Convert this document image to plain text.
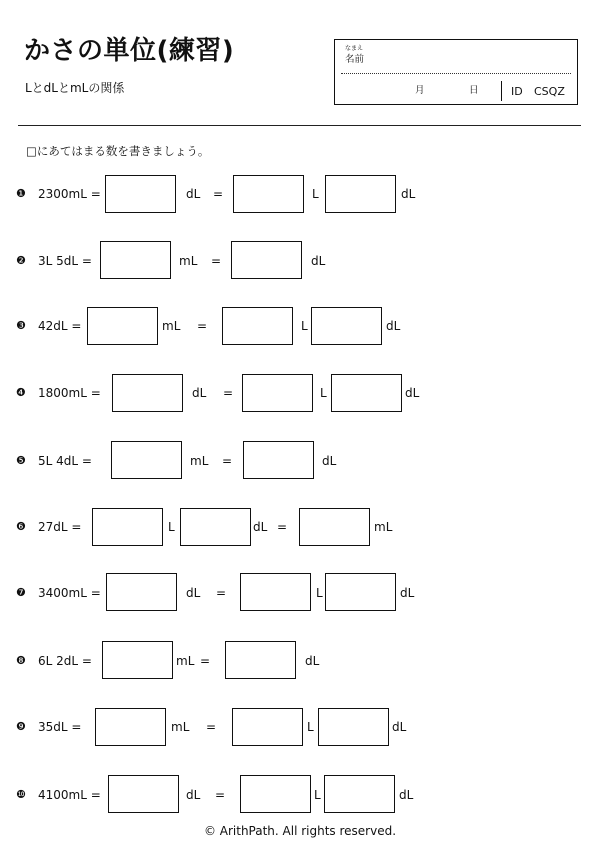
かさの単位(練習)
LとdLとmLの関係
なまえ
名前
月	日	ID CSQZ
□にあてはまる数を書きましょう。
❶ 2300mL =	dL =	L	dL
❷ 3L 5dL =	mL =	dL
❸ 42dL =	mL =	L	dL
❹ 1800mL =	dL =	L	dL
❺ 5L 4dL =	mL =	dL
❻ 27dL =	L	dL =	mL
❼ 3400mL =	dL =	L	dL
❽ 6L 2dL =	mL =	dL
❾ 35dL =	mL =	L	dL
❿ 4100mL =	dL =	L	dL
© ArithPath. All rights reserved.
